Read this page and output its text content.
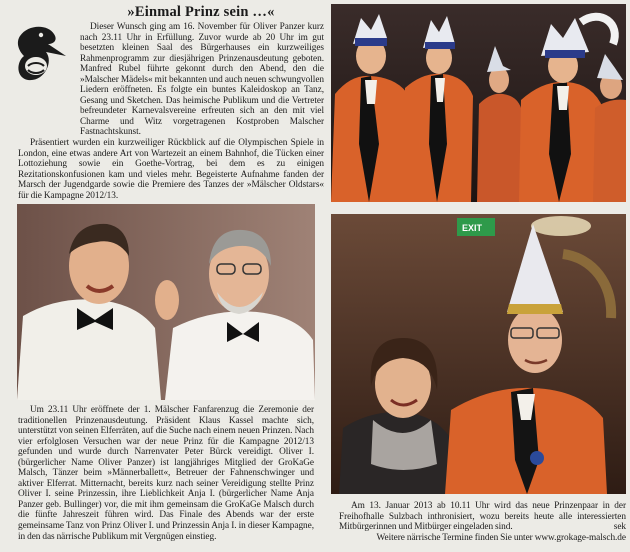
»Einmal Prinz sein …«

Dieser Wunsch ging am 16. November für Oliver Panzer kurz nach 23.11 Uhr in Erfüllung. Zuvor wurde ab 20 Uhr im gut besetzten kleinen Saal des Bürgerhauses ein kurzweiliges Rahmenprogramm zur diesjährigen Prinzenausdeutung geboten. Manfred Rubel führte gekonnt durch den Abend, den die »Malscher Mädels« mit bekannten und auch neuen schwungvollen Liedern eröffneten. Es folgte ein buntes Kaleidoskop an Tanz, Gesang und Sketchen. Das heimische Publikum und die Vertreter befreundeter Karnevalsvereine erfreuten sich an den mit viel Charme und Witz vorgetragenen Kostproben Malscher Fastnachtskunst.

Präsentiert wurden ein kurzweiliger Rückblick auf die Olympischen Spiele in London, eine etwas andere Art von Wartezeit an einem Bahnhof, die Tücken einer Lottoziehung sowie ein Goethe-Vortrag, bei dem es zu einigen Rezitationskonfusionen kam und vieles mehr. Begeisterte Aufnahme fanden der Marsch der Jugendgarde sowie die Premiere des Tanzes der »Mälscher Oldstars« für die Kampagne 2012/13.

Um 23.11 Uhr eröffnete der 1. Mälscher Fanfarenzug die Zeremonie der traditionellen Prinzenausdeutung. Präsident Klaus Kassel machte sich, unterstützt von seinen Elferräten, auf die Suche nach einem neuen Prinzen. Nach vier erfolglosen Versuchen war der neue Prinz für die Kampagne 2012/13 gefunden und wurde durch Narrenvater Peter Bürck vereidigt. Oliver I. (bürgerlicher Name Oliver Panzer) ist langjähriges Mitglied der GroKaGe Malsch, Tänzer beim »Männerballett«, Betreuer der Fahnenschwinger und aktiver Elferrat. Mitternacht, bereits kurz nach seiner Vereidigung stellte Prinz Oliver I. seine Prinzessin, ihre Lieblichkeit Anja I. (bürgerlicher Name Anja Panzer geb. Bullinger) vor, die mit ihm gemeinsam die GroKaGe Malsch durch die fünfte Jahreszeit führen wird. Das Finale des Abends war der erste gemeinsame Tanz von Prinz Oliver I. und Prinzessin Anja I. in dieser Kampagne, in den das närrische Publikum mit Vergnügen einstieg.

EXIT

Am 13. Januar 2013 ab 10.11 Uhr wird das neue Prinzenpaar in der Freihofhalle Sulzbach inthronisiert, wozu bereits heute alle interessierten Mitbürgerinnen und Mitbürger eingeladen sind.	sek

Weitere närrische Termine finden Sie unter www.grokage-malsch.de
